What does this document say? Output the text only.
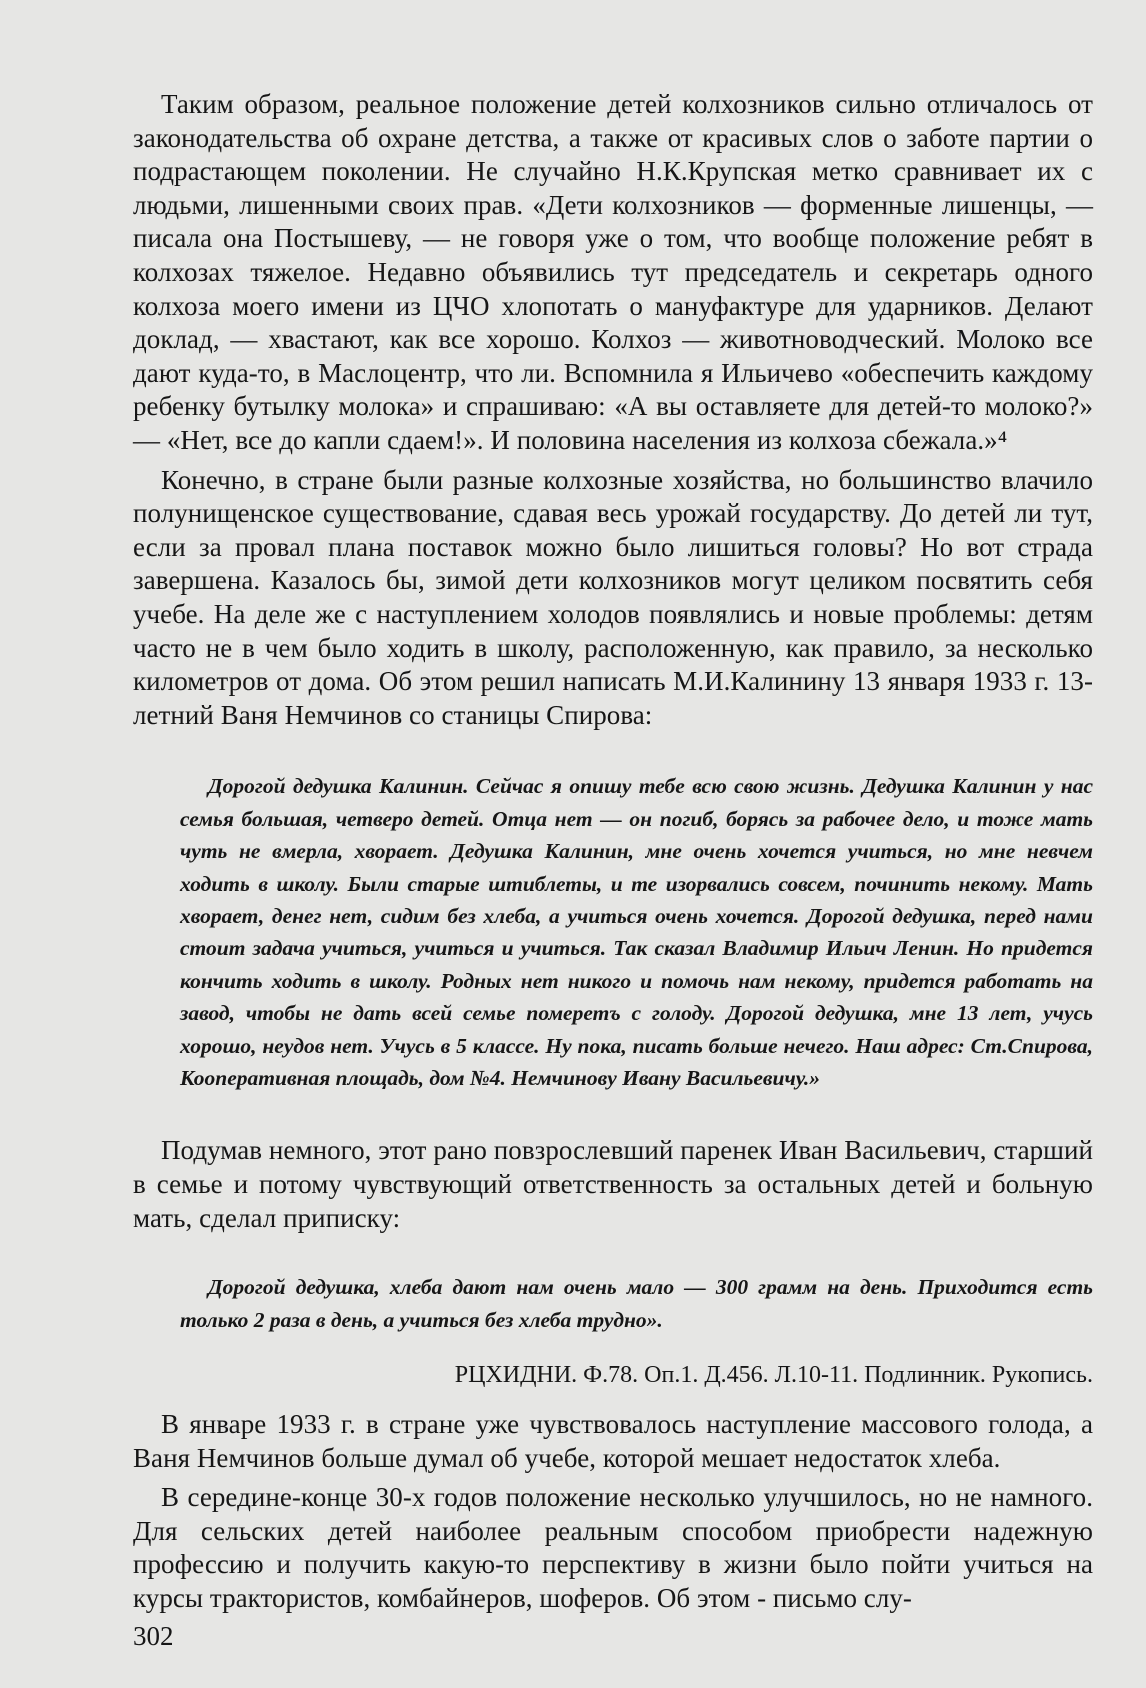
Таким образом, реальное положение детей колхозников сильно отличалось от законодательства об охране детства, а также от красивых слов о заботе партии о подрастающем поколении. Не случайно Н.К.Крупская метко сравнивает их с людьми, лишенными своих прав. «Дети колхозников — форменные лишенцы, — писала она Постышеву, — не говоря уже о том, что вообще положение ребят в колхозах тяжелое. Недавно объявились тут председатель и секретарь одного колхоза моего имени из ЦЧО хлопотать о мануфактуре для ударников. Делают доклад, — хвастают, как все хорошо. Колхоз — животноводческий. Молоко все дают куда-то, в Маслоцентр, что ли. Вспомнила я Ильичево «обеспечить каждому ребенку бутылку молока» и спрашиваю: «А вы оставляете для детей-то молоко?» — «Нет, все до капли сдаем!». И половина населения из колхоза сбежала.»⁴

Конечно, в стране были разные колхозные хозяйства, но большинство влачило полунищенское существование, сдавая весь урожай государству. До детей ли тут, если за провал плана поставок можно было лишиться головы? Но вот страда завершена. Казалось бы, зимой дети колхозников могут целиком посвятить себя учебе. На деле же с наступлением холодов появлялись и новые проблемы: детям часто не в чем было ходить в школу, расположенную, как правило, за несколько километров от дома. Об этом решил написать М.И.Калинину 13 января 1933 г. 13-летний Ваня Немчинов со станицы Спирова:

Дорогой дедушка Калинин. Сейчас я опишу тебе всю свою жизнь. Дедушка Калинин у нас семья большая, четверо детей. Отца нет — он погиб, борясь за рабочее дело, и тоже мать чуть не вмерла, хворает. Дедушка Калинин, мне очень хочется учиться, но мне невчем ходить в школу. Были старые штиблеты, и те изорвались совсем, починить некому. Мать хворает, денег нет, сидим без хлеба, а учиться очень хочется. Дорогой дедушка, перед нами стоит задача учиться, учиться и учиться. Так сказал Владимир Ильич Ленин. Но придется кончить ходить в школу. Родных нет никого и помочь нам некому, придется работать на завод, чтобы не дать всей семье померетъ с голоду. Дорогой дедушка, мне 13 лет, учусь хорошо, неудов нет. Учусь в 5 классе. Ну пока, писать больше нечего. Наш адрес: Ст.Спирова, Кооперативная площадь, дом №4. Немчинову Ивану Васильевичу.»

Подумав немного, этот рано повзрослевший паренек Иван Васильевич, старший в семье и потому чувствующий ответственность за остальных детей и больную мать, сделал приписку:

Дорогой дедушка, хлеба дают нам очень мало — 300 грамм на день. Приходится есть только 2 раза в день, а учиться без хлеба трудно».

РЦХИДНИ. Ф.78. Оп.1. Д.456. Л.10-11. Подлинник. Рукопись.

В январе 1933 г. в стране уже чувствовалось наступление массового голода, а Ваня Немчинов больше думал об учебе, которой мешает недостаток хлеба.

В середине-конце 30-х годов положение несколько улучшилось, но не намного. Для сельских детей наиболее реальным способом приобрести надежную профессию и получить какую-то перспективу в жизни было пойти учиться на курсы трактористов, комбайнеров, шоферов. Об этом - письмо слу-

302
